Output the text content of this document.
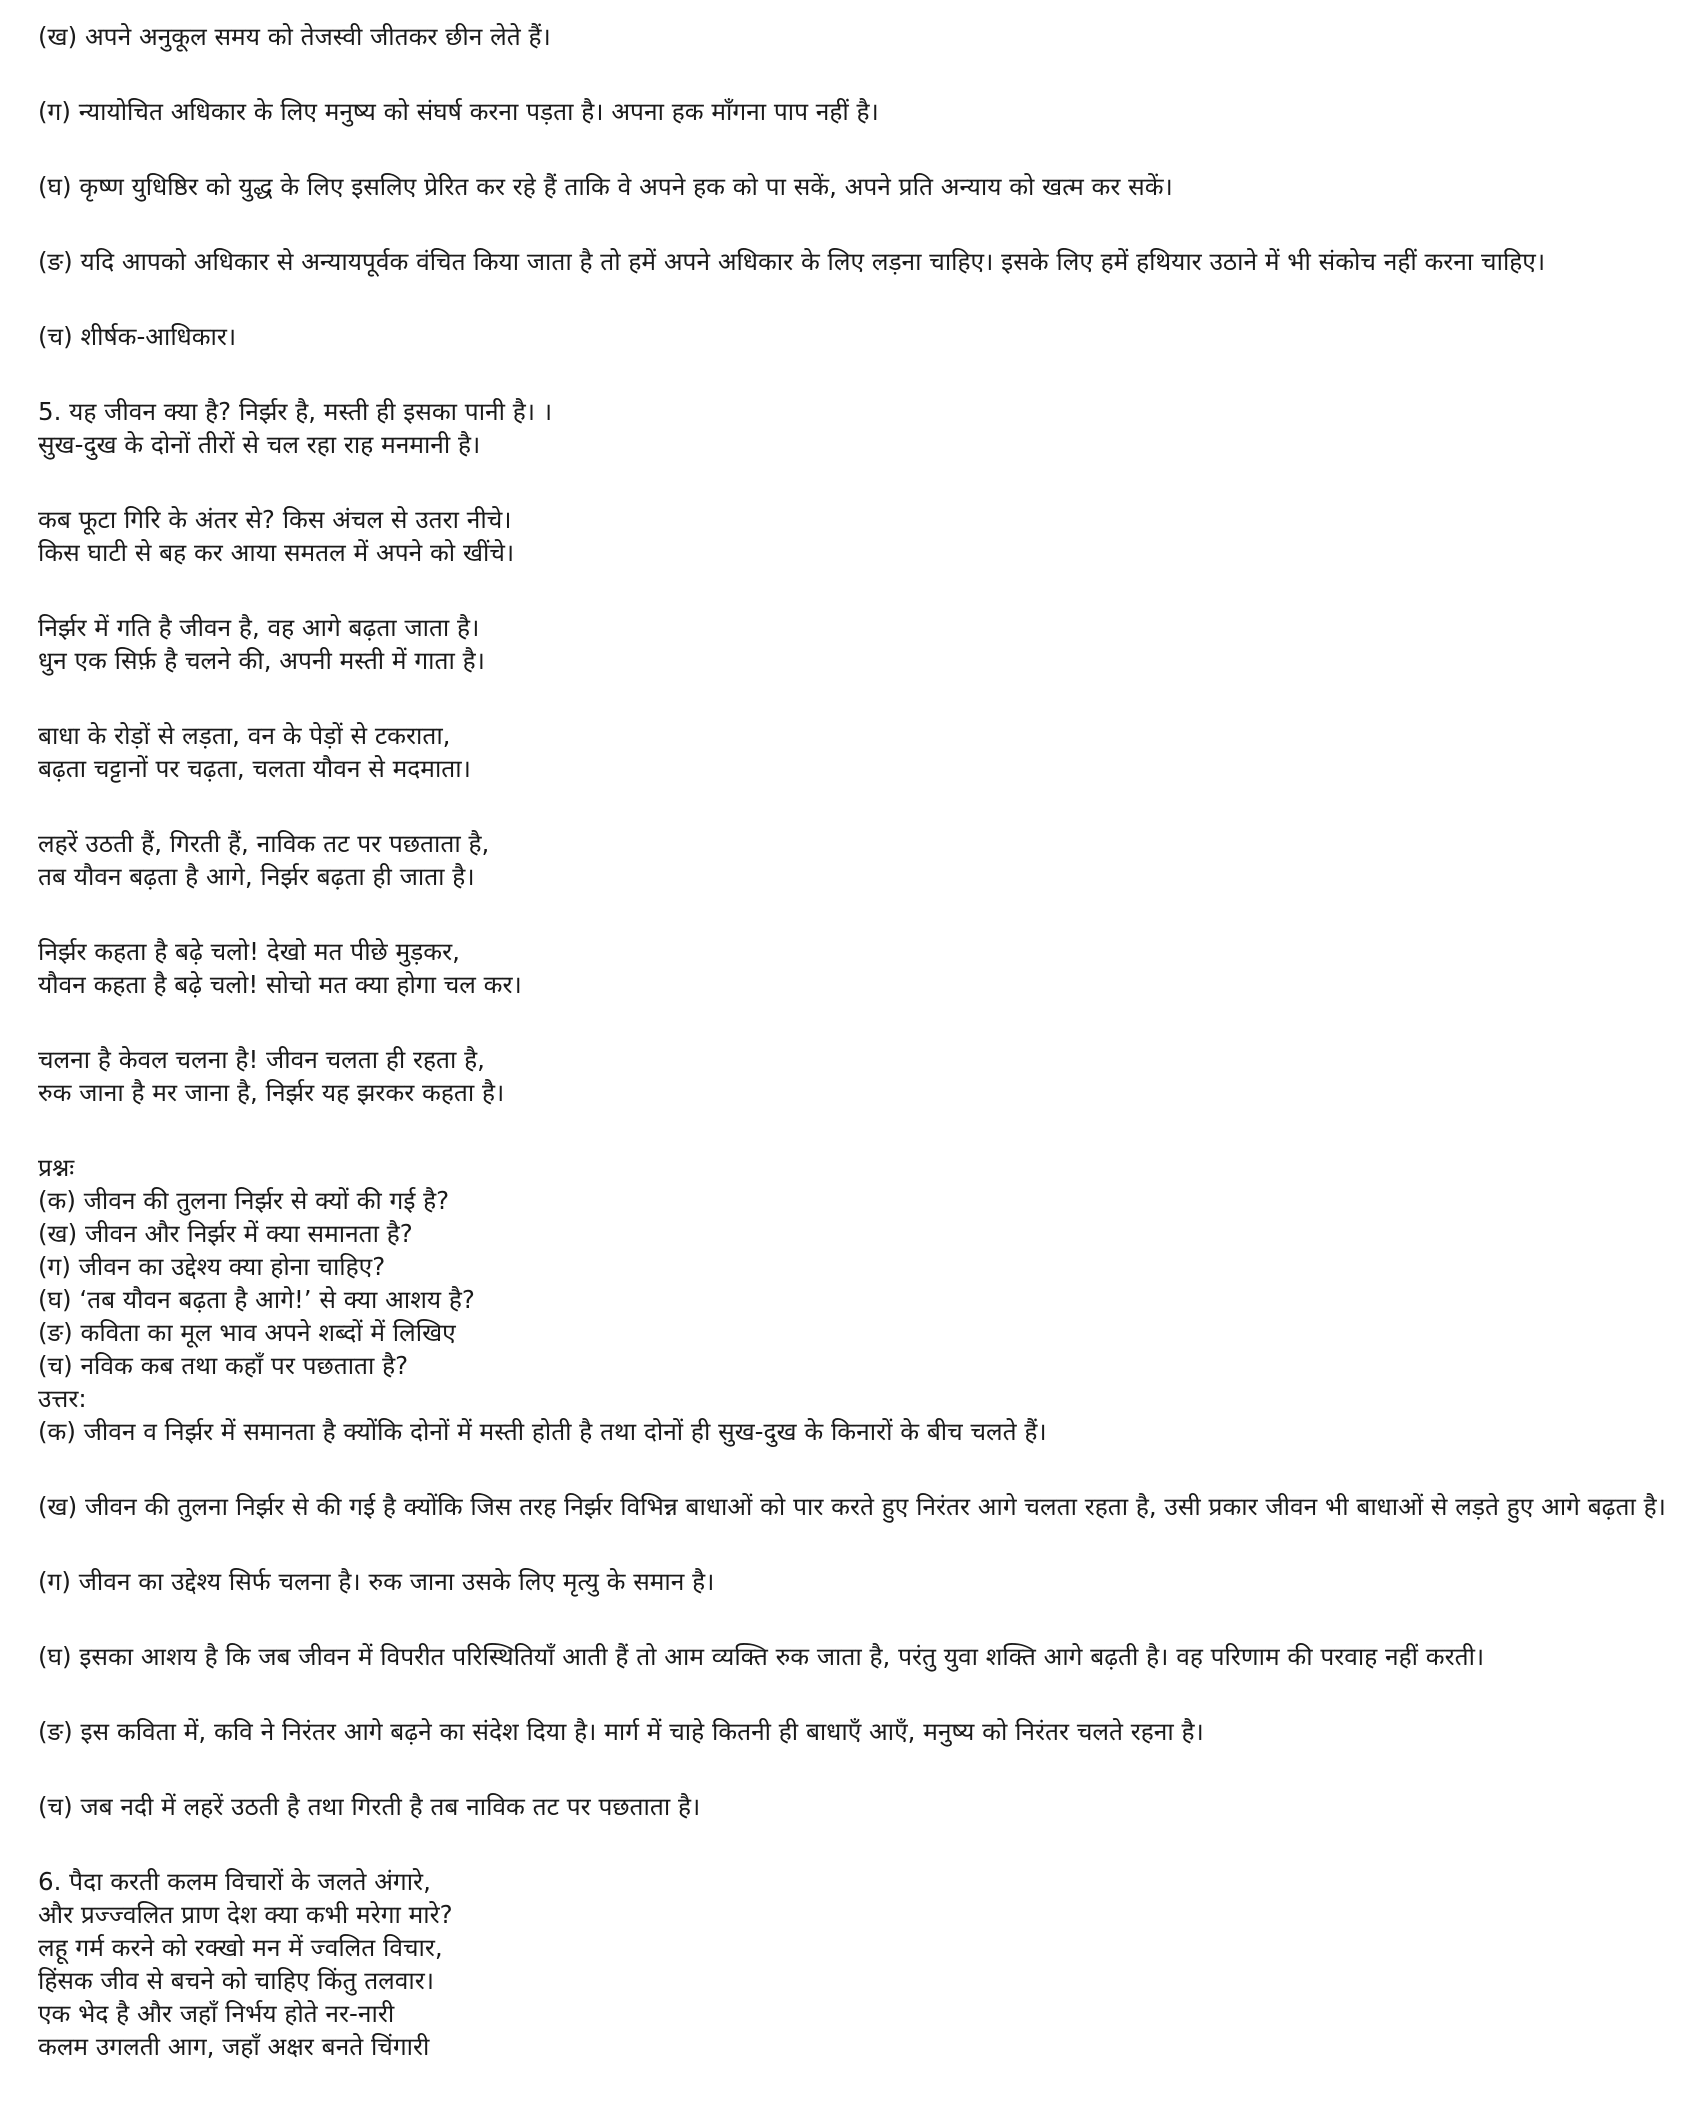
(ख) अपने अनुकूल समय को तेजस्वी जीतकर छीन लेते हैं।
(ग) न्यायोचित अधिकार के लिए मनुष्य को संघर्ष करना पड़ता है। अपना हक माँगना पाप नहीं है।
(घ) कृष्ण युधिष्ठिर को युद्ध के लिए इसलिए प्रेरित कर रहे हैं ताकि वे अपने हक को पा सकें, अपने प्रति अन्याय को खत्म कर सकें।
(ङ) यदि आपको अधिकार से अन्यायपूर्वक वंचित किया जाता है तो हमें अपने अधिकार के लिए लड़ना चाहिए। इसके लिए हमें हथियार उठाने में भी संकोच नहीं करना चाहिए।
(च) शीर्षक-आधिकार।
5. यह जीवन क्या है? निर्झर है, मस्ती ही इसका पानी है। ।
सुख-दुख के दोनों तीरों से चल रहा राह मनमानी है।
कब फूटा गिरि के अंतर से? किस अंचल से उतरा नीचे।
किस घाटी से बह कर आया समतल में अपने को खींचे।
निर्झर में गति है जीवन है, वह आगे बढ़ता जाता है।
धुन एक सिर्फ़ है चलने की, अपनी मस्ती में गाता है।
बाधा के रोड़ों से लड़ता, वन के पेड़ों से टकराता,
बढ़ता चट्टानों पर चढ़ता, चलता यौवन से मदमाता।
लहरें उठती हैं, गिरती हैं, नाविक तट पर पछताता है,
तब यौवन बढ़ता है आगे, निर्झर बढ़ता ही जाता है।
निर्झर कहता है बढ़े चलो! देखो मत पीछे मुड़कर,
यौवन कहता है बढ़े चलो! सोचो मत क्या होगा चल कर।
चलना है केवल चलना है! जीवन चलता ही रहता है,
रुक जाना है मर जाना है, निर्झर यह झरकर कहता है।
प्रश्नः
(क) जीवन की तुलना निर्झर से क्यों की गई है?
(ख) जीवन और निर्झर में क्या समानता है?
(ग) जीवन का उद्देश्य क्या होना चाहिए?
(घ) ‘तब यौवन बढ़ता है आगे!’ से क्या आशय है?
(ङ) कविता का मूल भाव अपने शब्दों में लिखिए
(च) नविक कब तथा कहाँ पर पछताता है?
उत्तर:
(क) जीवन व निर्झर में समानता है क्योंकि दोनों में मस्ती होती है तथा दोनों ही सुख-दुख के किनारों के बीच चलते हैं।
(ख) जीवन की तुलना निर्झर से की गई है क्योंकि जिस तरह निर्झर विभिन्न बाधाओं को पार करते हुए निरंतर आगे चलता रहता है, उसी प्रकार जीवन भी बाधाओं से लड़ते हुए आगे बढ़ता है।
(ग) जीवन का उद्देश्य सिर्फ चलना है। रुक जाना उसके लिए मृत्यु के समान है।
(घ) इसका आशय है कि जब जीवन में विपरीत परिस्थितियाँ आती हैं तो आम व्यक्ति रुक जाता है, परंतु युवा शक्ति आगे बढ़ती है। वह परिणाम की परवाह नहीं करती।
(ङ) इस कविता में, कवि ने निरंतर आगे बढ़ने का संदेश दिया है। मार्ग में चाहे कितनी ही बाधाएँ आएँ, मनुष्य को निरंतर चलते रहना है।
(च) जब नदी में लहरें उठती है तथा गिरती है तब नाविक तट पर पछताता है।
6. पैदा करती कलम विचारों के जलते अंगारे,
और प्रज्ज्वलित प्राण देश क्या कभी मरेगा मारे?
लहू गर्म करने को रक्खो मन में ज्वलित विचार,
हिंसक जीव से बचने को चाहिए किंतु तलवार।
एक भेद है और जहाँ निर्भय होते नर-नारी
कलम उगलती आग, जहाँ अक्षर बनते चिंगारी
